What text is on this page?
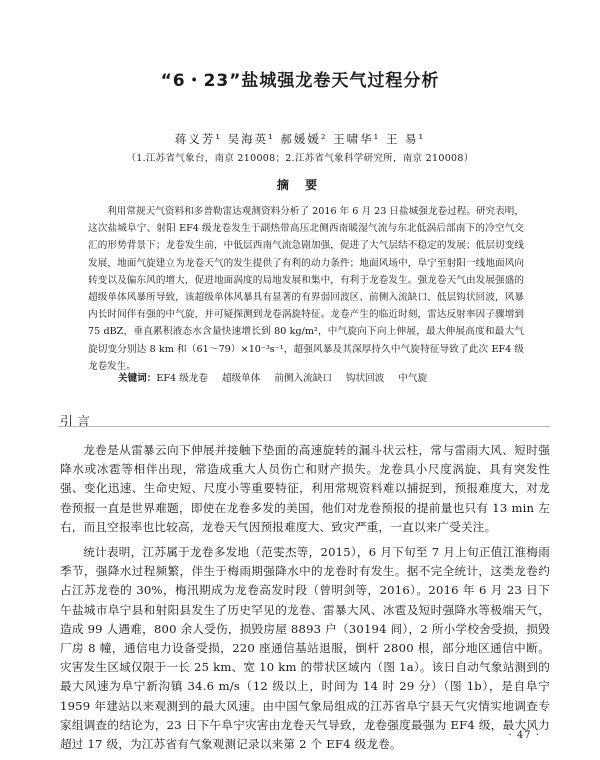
“6・23”盐城强龙卷天气过程分析
蒋义芳¹ 吴海英¹ 郝媛媛² 王啸华¹ 王 易¹
（1.江苏省气象台，南京 210008；2.江苏省气象科学研究所，南京 210008）
摘 要

利用常规天气资料和多普勒雷达观测资料分析了 2016 年 6 月 23 日盐城强龙卷过程。研究表明，这次盐城阜宁、射阳 EF4 级龙卷发生于副热带高压北侧西南暖湿气流与东北低涡后部南下的冷空气交汇的形势背景下；龙卷发生前，中低层西南气流急剧加强，促进了大气层结不稳定的发展；低层切变线发展，地面气旋建立为龙卷天气的发生提供了有利的动力条件；地面风场中，阜宁至射阳一线地面风向转变以及偏东风的增大，促进地面涡度的局地发展和集中，有利于龙卷发生。强龙卷天气由发展强盛的超级单体风暴所导致，该超级单体风暴具有显著的有界弱回波区、前侧入流缺口、低层钩状回波，风暴内长时间伴有强的中气旋，并可疑探测到龙卷涡旋特征。龙卷产生的临近时刻，雷达反射率因子骤增到 75 dBZ，垂直累积液态水含量快速增长到 80 kg/m²，中气旋向下向上伸展，最大伸展高度和最大气旋切变分别达 8 km 和（61～79）×10⁻³s⁻¹，超强风暴及其深厚持久中气旋特征导致了此次 EF4 级龙卷发生。

关键词：EF4 级龙卷 超级单体 前侧入流缺口 钩状回波 中气旋

引言

龙卷是从雷暴云向下伸展并接触下垫面的高速旋转的漏斗状云柱，常与雷雨大风、短时强降水或冰雹等相伴出现，常造成重大人员伤亡和财产损失。龙卷具小尺度涡旋、具有突发性强、变化迅速、生命史短、尺度小等重要特征，利用常规资料难以捕捉到，预报难度大，对龙卷预报一直是世界难题，即使在龙卷多发的美国，他们对龙卷预报的提前量也只有 13 min 左右，而且空报率也比较高，龙卷天气因预报难度大、致灾严重，一直以来广受关注。

统计表明，江苏属于龙卷多发地（范雯杰等，2015），6 月下旬至 7 月上旬正值江淮梅雨季节，强降水过程频繁，伴生于梅雨期强降水中的龙卷时有发生。据不完全统计，这类龙卷约占江苏龙卷的 30%，梅汛期成为龙卷高发时段（曾明剑等，2016）。2016 年 6 月 23 日下午盐城市阜宁县和射阳县发生了历史罕见的龙卷、雷暴大风、冰雹及短时强降水等极端天气，造成 99 人遇难，800 余人受伤，损毁房屋 8893 户（30194 间），2 所小学校舍受损，损毁厂房 8 幢，通信电力设备受损，220 座通信基站退服，倒杆 2800 根，部分地区通信中断。灾害发生区域仅限于一长 25 km、宽 10 km 的带状区域内（图 1a）。该日自动气象站测到的最大风速为阜宁新沟镇 34.6 m/s（12 级以上，时间为 14 时 29 分）（图 1b），是自阜宁 1959 年建站以来观测到的最大风速。由中国气象局组成的江苏省阜宁县天气灾情实地调查专家组调查的结论为，23 日下午阜宁灾害由龙卷天气导致，龙卷强度最强为 EF4 级，最大风力超过 17 级，为江苏省有气象观测记录以来第 2 个 EF4 级龙卷。

· 47 ·
